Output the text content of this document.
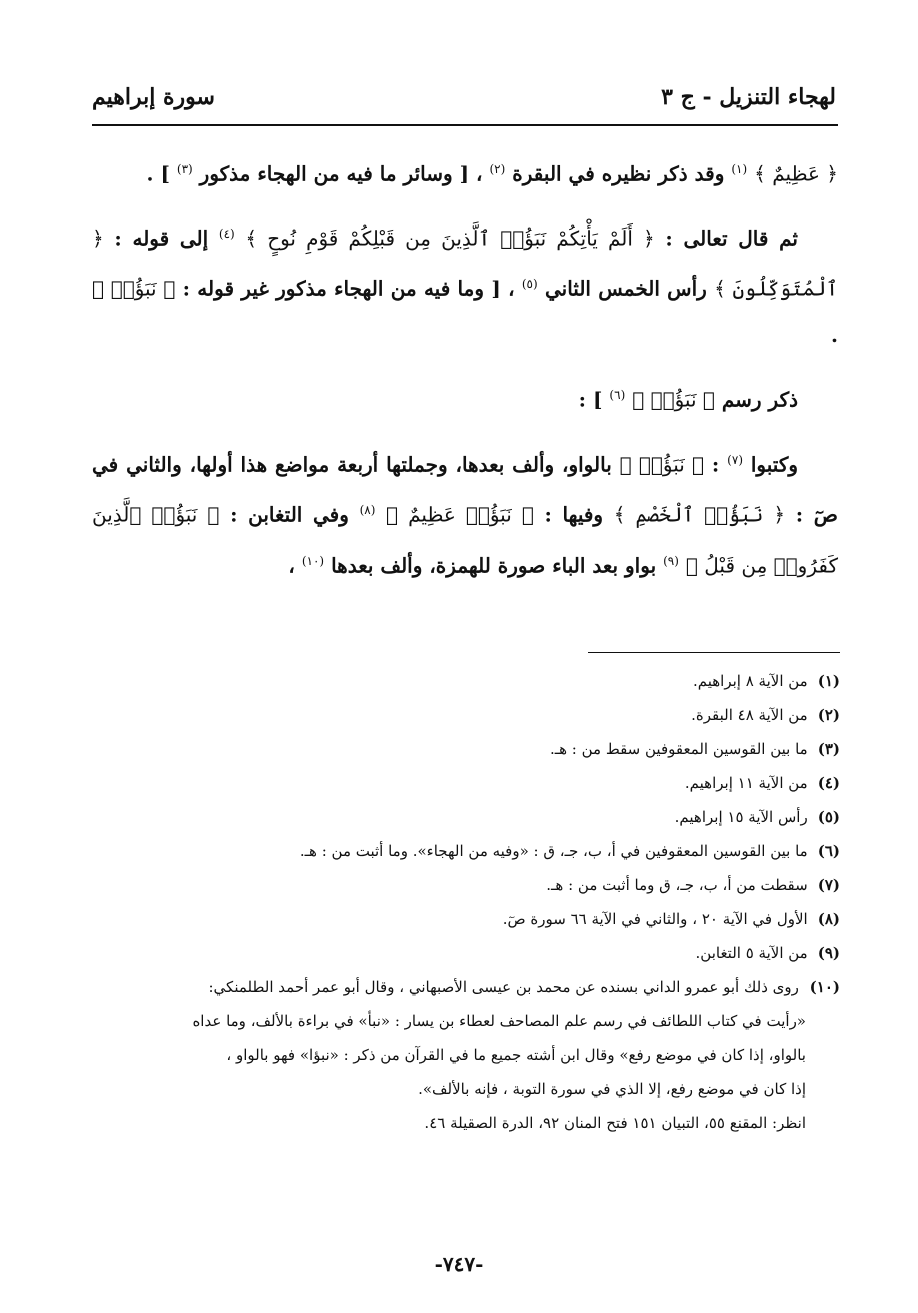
لهجاء التنزيل - ج ٣
سورة إبراهيم

﴿ عَظِيمٌ ﴾ $^{(١)}$ وقد ذكر نظيره في البقرة $^{(٢)}$ ، [ وسائر ما فيه من الهجاء مذكور $^{(٣)}$ ] .

ثم قال تعالى : ﴿ أَلَمْ يَأْتِكُمْ نَبَؤُا۟ ٱلَّذِينَ مِن قَبْلِكُمْ قَوْمِ نُوحٍ ﴾ $^{(٤)}$ إلى قوله : ﴿ ٱلْمُتَوَكِّلُونَ ﴾ رأس الخمس الثاني $^{(٥)}$ ، [ وما فيه من الهجاء مذكور غير قوله : ﴿ نَبَؤُا۟ ﴾ .

ذكر رسم ﴿ نَبَؤُا۟ ﴾ $^{(٦)}$ ] :

وكتبوا $^{(٧)}$ : ﴿ نَبَؤُا۟ ﴾ بالواو، وألف بعدها، وجملتها أربعة مواضع هذا أولها، والثاني في صٓ : ﴿ نَبَؤُا۟ ٱلْخَصْمِ ﴾ وفيها : ﴿ نَبَؤُا۟ عَظِيمٌ ﴾ $^{(٨)}$ وفي التغابن : ﴿ نَبَؤُا۟ ٱلَّذِينَ كَفَرُوا۟ مِن قَبْلُ ﴾ $^{(٩)}$ بواو بعد الباء صورة للهمزة، وألف بعدها $^{(١٠)}$ ،

(١)
من الآية ٨ إبراهيم.
(٢)
من الآية ٤٨ البقرة.
(٣)
ما بين القوسين المعقوفين سقط من : هـ.
(٤)
من الآية ١١ إبراهيم.
(٥)
رأس الآية ١٥ إبراهيم.
(٦)
ما بين القوسين المعقوفين في أ، ب، جـ، ق : «وفيه من الهجاء». وما أثبت من : هـ.
(٧)
سقطت من أ، ب، جـ، ق وما أثبت من : هـ.
(٨)
الأول في الآية ٢٠ ، والثاني في الآية ٦٦ سورة صٓ.
(٩)
من الآية ٥ التغابن.
(١٠) روى ذلك أبو عمرو الداني بسنده عن محمد بن عيسى الأصبهاني ، وقال أبو عمر أحمد الطلمنكي:
«رأيت في كتاب اللطائف في رسم علم المصاحف لعطاء بن يسار : «نبأ» في براءة بالألف، وما عداه
بالواو، إذا كان في موضع رفع» وقال ابن أشته جميع ما في القرآن من ذكر : «نبؤا» فهو بالواو ،
إذا كان في موضع رفع، إلا الذي في سورة التوبة ، فإنه بالألف».
انظر: المقنع ٥٥، التبيان ١٥١ فتح المنان ٩٢، الدرة الصقيلة ٤٦.
-٧٤٧-
